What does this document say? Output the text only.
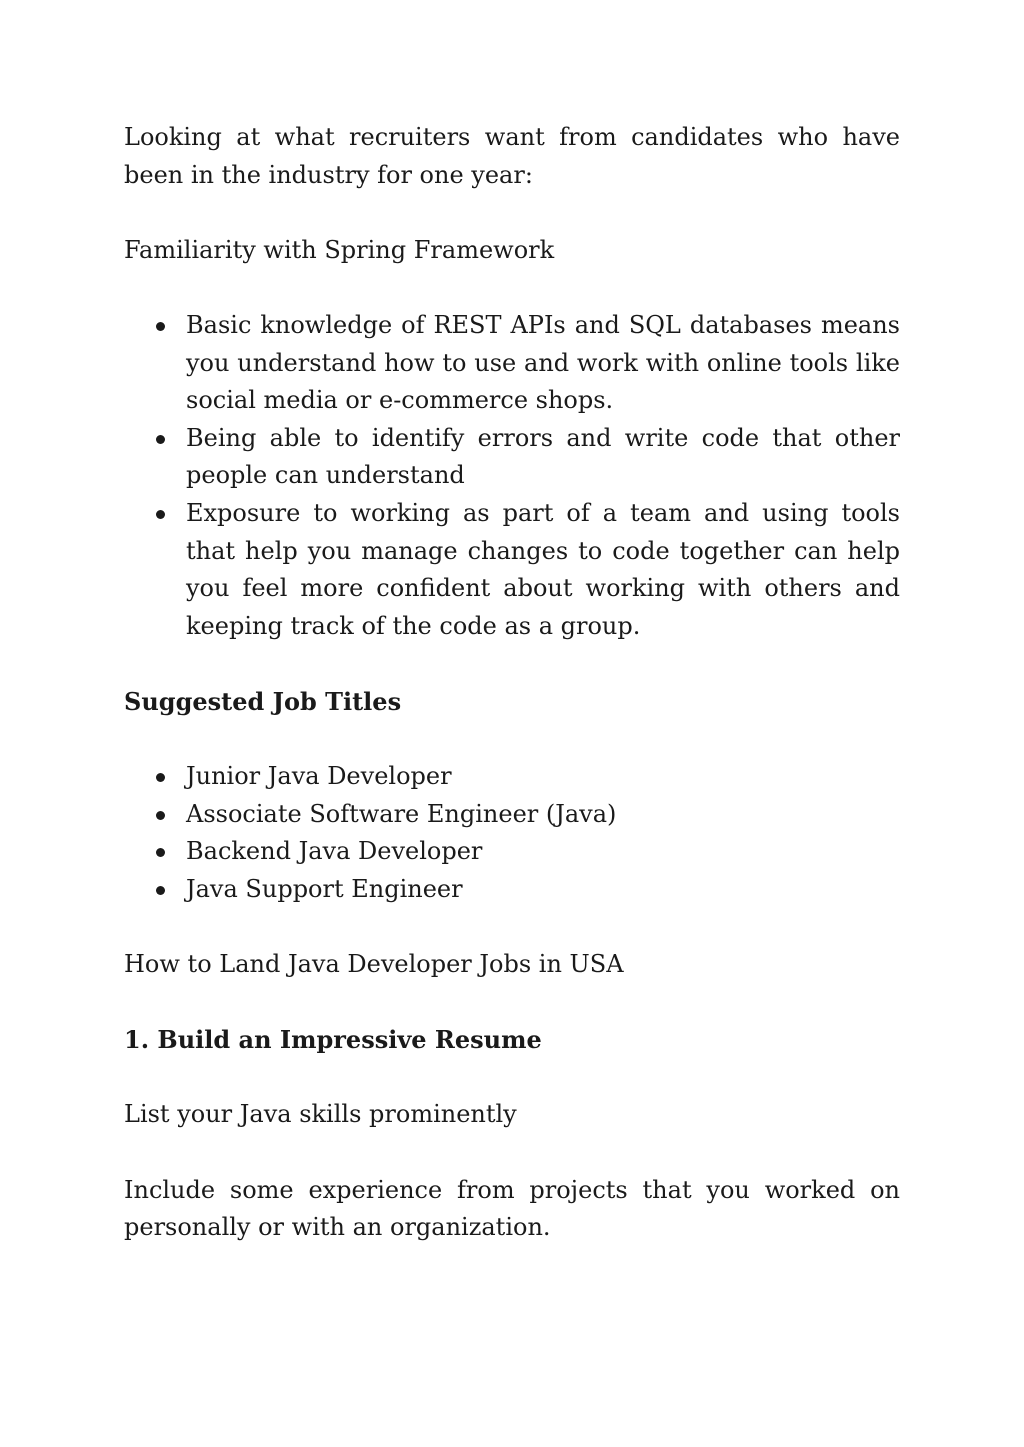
Looking at what recruiters want from candidates who have been in the industry for one year:

Familiarity with Spring Framework

Basic knowledge of REST APIs and SQL databases means you understand how to use and work with online tools like social media or e-commerce shops.
Being able to identify errors and write code that other people can understand
Exposure to working as part of a team and using tools that help you manage changes to code together can help you feel more confident about working with others and keeping track of the code as a group.
Suggested Job Titles
Junior Java Developer
Associate Software Engineer (Java)
Backend Java Developer
Java Support Engineer

How to Land Java Developer Jobs in USA

1. Build an Impressive Resume

List your Java skills prominently

Include some experience from projects that you worked on personally or with an organization.
